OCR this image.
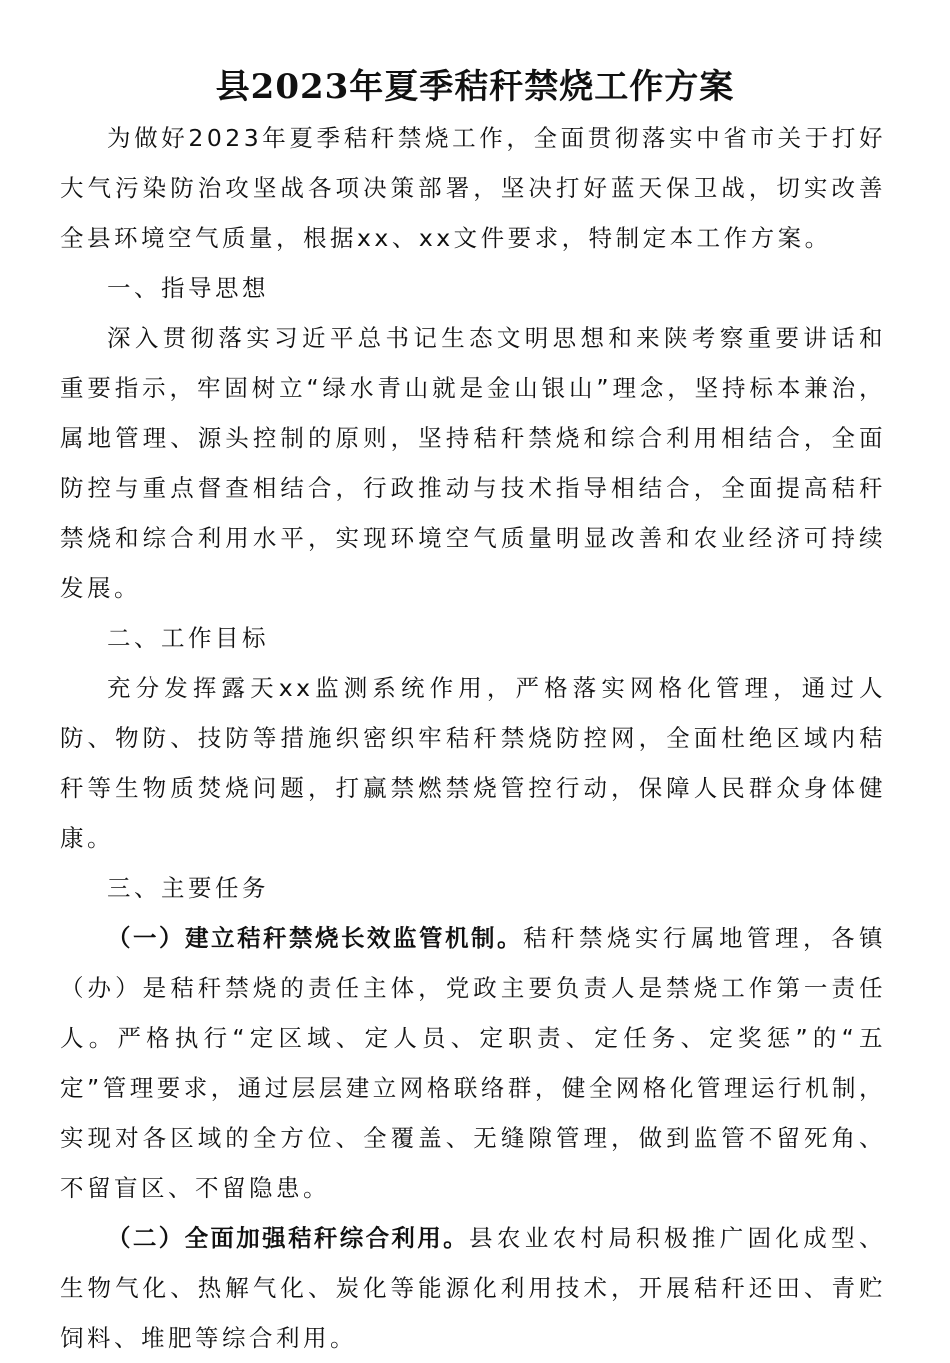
县2023年夏季秸秆禁烧工作方案

为做好2023年夏季秸秆禁烧工作，全面贯彻落实中省市关于打好大气污染防治攻坚战各项决策部署，坚决打好蓝天保卫战，切实改善全县环境空气质量，根据xx、xx文件要求，特制定本工作方案。

一、指导思想

深入贯彻落实习近平总书记生态文明思想和来陕考察重要讲话和重要指示，牢固树立“绿水青山就是金山银山”理念，坚持标本兼治，属地管理、源头控制的原则，坚持秸秆禁烧和综合利用相结合，全面防控与重点督查相结合，行政推动与技术指导相结合，全面提高秸秆禁烧和综合利用水平，实现环境空气质量明显改善和农业经济可持续发展。

二、工作目标

充分发挥露天xx监测系统作用，严格落实网格化管理，通过人防、物防、技防等措施织密织牢秸秆禁烧防控网，全面杜绝区域内秸秆等生物质焚烧问题，打赢禁燃禁烧管控行动，保障人民群众身体健康。

三、主要任务

（一）建立秸秆禁烧长效监管机制。秸秆禁烧实行属地管理，各镇（办）是秸秆禁烧的责任主体，党政主要负责人是禁烧工作第一责任人。严格执行“定区域、定人员、定职责、定任务、定奖惩”的“五定”管理要求，通过层层建立网格联络群，健全网格化管理运行机制，实现对各区域的全方位、全覆盖、无缝隙管理，做到监管不留死角、不留盲区、不留隐患。

（二）全面加强秸秆综合利用。县农业农村局积极推广固化成型、生物气化、热解气化、炭化等能源化利用技术，开展秸秆还田、青贮饲料、堆肥等综合利用。
